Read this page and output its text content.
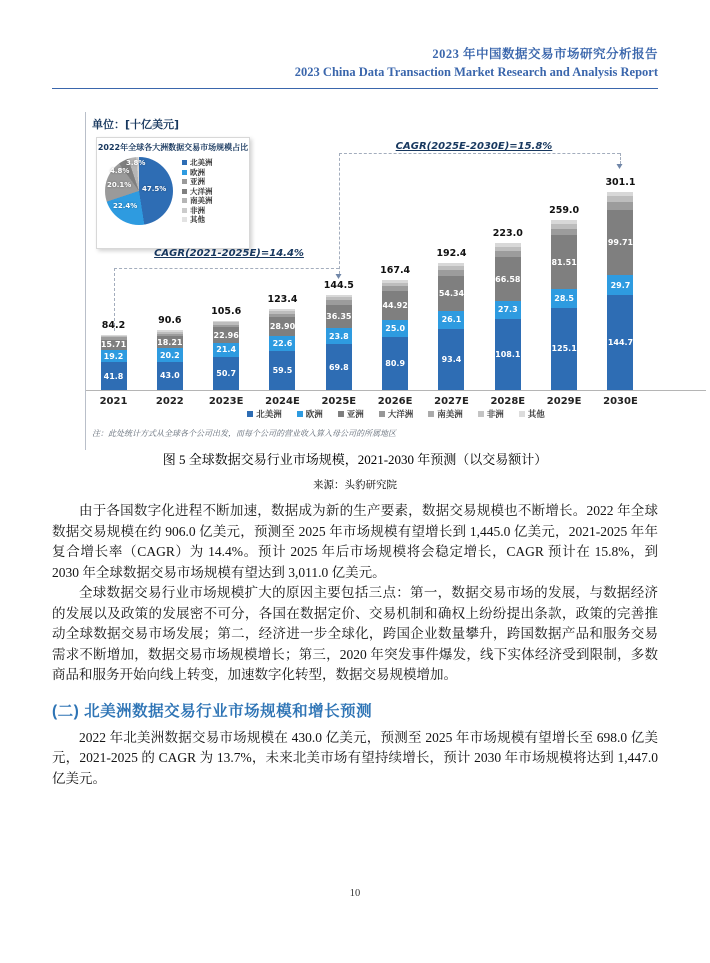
2023 年中国数据交易市场研究分析报告
2023 China Data Transaction Market Research and Analysis Report
单位：[十亿美元]
2022年全球各大洲数据交易市场规模占比
47.5%
22.4%
20.1%
4.8%
3.8%	北美洲
欧洲
亚洲
大洋洲
南美洲
非洲
其他
CAGR(2021-2025E)=14.4%
CAGR(2025E-2030E)=15.8%
41.8
19.2
15.71
84.2
2021
43.0
20.2
18.21
90.6
2022
50.7
21.4
22.96
105.6
2023E
59.5
22.6
28.90
123.4
2024E
69.8
23.8
36.35
144.5
2025E
80.9
25.0
44.92
167.4
2026E
93.4
26.1
54.34
192.4
2027E
108.1
27.3
66.58
223.0
2028E
125.1
28.5
81.51
259.0
2029E
144.7
29.7
99.71
301.1
2030E
北美洲	欧洲	亚洲	大洋洲	南美洲	非洲	其他
注：此处统计方式从全球各个公司出发，而每个公司的营业收入算入母公司的所属地区
图 5 全球数据交易行业市场规模，2021-2030 年预测（以交易额计）
来源：头豹研究院

由于各国数字化进程不断加速，数据成为新的生产要素，数据交易规模也不断增长。2022 年全球数据交易规模在约 906.0 亿美元，预测至 2025 年市场规模有望增长到 1,445.0 亿美元，2021-2025 年年复合增长率（CAGR）为 14.4%。预计 2025 年后市场规模将会稳定增长，CAGR 预计在 15.8%，到 2030 年全球数据交易市场规模有望达到 3,011.0 亿美元。

全球数据交易行业市场规模扩大的原因主要包括三点：第一，数据交易市场的发展，与数据经济的发展以及政策的发展密不可分，各国在数据定价、交易机制和确权上纷纷提出条款，政策的完善推动全球数据交易市场发展；第二，经济进一步全球化，跨国企业数量攀升，跨国数据产品和服务交易需求不断增加，数据交易市场规模增长；第三，2020 年突发事件爆发，线下实体经济受到限制，多数商品和服务开始向线上转变，加速数字化转型，数据交易规模增加。

(二) 北美洲数据交易行业市场规模和增长预测

2022 年北美洲数据交易市场规模在 430.0 亿美元，预测至 2025 年市场规模有望增长至 698.0 亿美元，2021-2025 的 CAGR 为 13.7%，未来北美市场有望持续增长，预计 2030 年市场规模将达到 1,447.0 亿美元。

10
